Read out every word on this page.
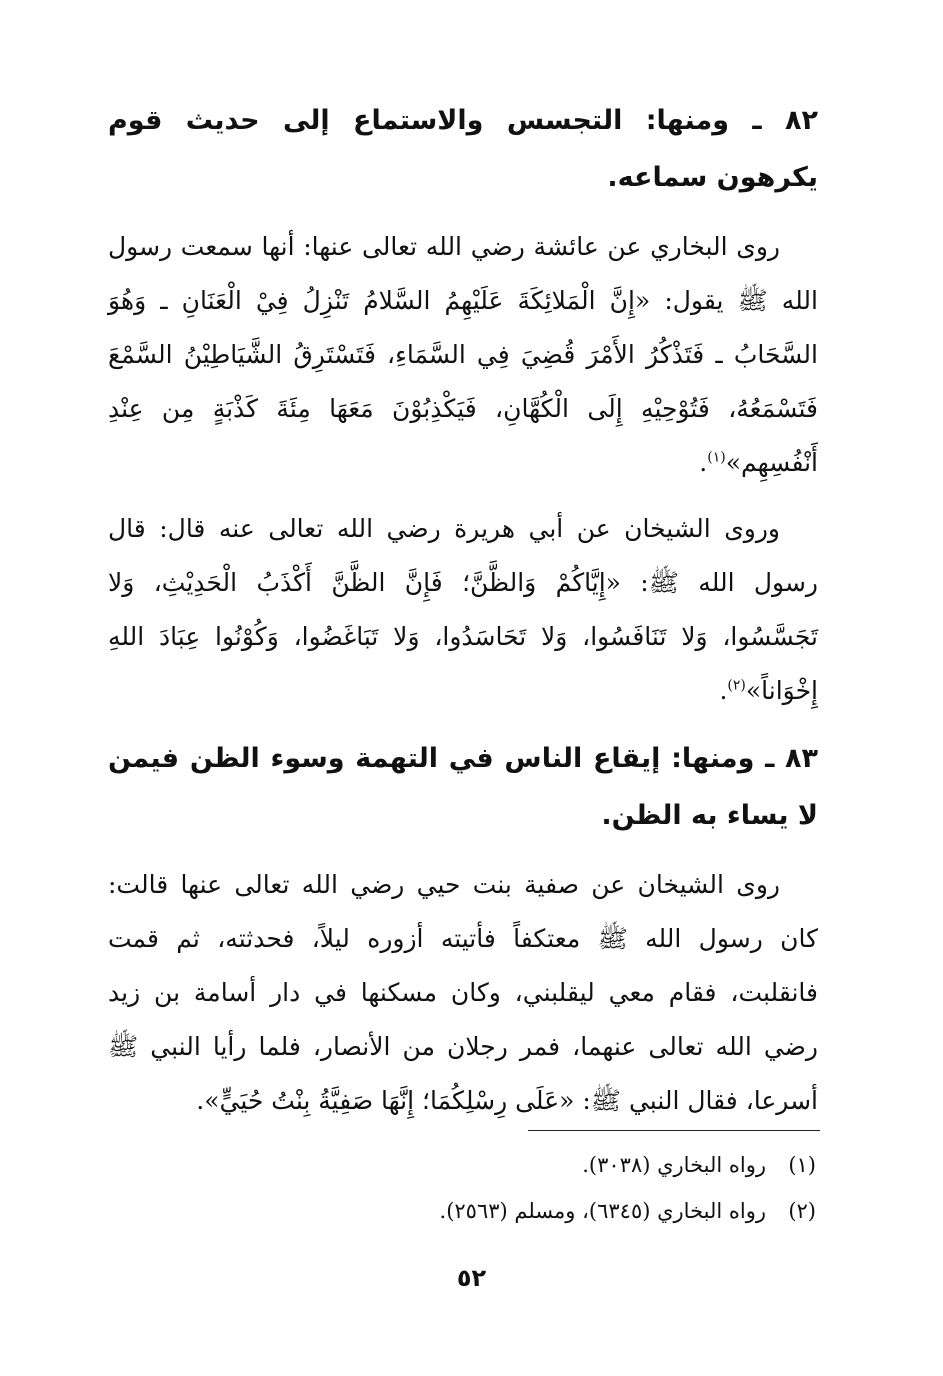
٨٢ ـ ومنها: التجسس والاستماع إلى حديث قوم يكرهون سماعه.

روى البخاري عن عائشة رضي الله تعالى عنها: أنها سمعت رسول الله ﷺ يقول: «إِنَّ الْمَلائِكَةَ عَلَيْهِمُ السَّلامُ تَنْزِلُ فِيْ الْعَنَانِ ـ وَهُوَ السَّحَابُ ـ فَتَذْكُرُ الأَمْرَ قُضِيَ فِي السَّمَاءِ، فَتَسْتَرِقُ الشَّيَاطِيْنُ السَّمْعَ فَتَسْمَعُهُ، فَتُوْحِيْهِ إِلَى الْكُهَّانِ، فَيَكْذِبُوْنَ مَعَهَا مِئَةَ كَذْبَةٍ مِن عِنْدِ أَنْفُسِهِم»$^{(١)}$.

وروى الشيخان عن أبي هريرة رضي الله تعالى عنه قال: قال رسول الله ﷺ: «إِيَّاكُمْ وَالظَّنَّ؛ فَإِنَّ الظَّنَّ أَكْذَبُ الْحَدِيْثِ، وَلا تَجَسَّسُوا، وَلا تَنَافَسُوا، وَلا تَحَاسَدُوا، وَلا تَبَاغَضُوا، وَكُوْنُوا عِبَادَ اللهِ إِخْوَاناً»$^{(٢)}$.

٨٣ ـ ومنها: إيقاع الناس في التهمة وسوء الظن فيمن لا يساء به الظن.

روى الشيخان عن صفية بنت حيي رضي الله تعالى عنها قالت: كان رسول الله ﷺ معتكفاً فأتيته أزوره ليلاً، فحدثته، ثم قمت فانقلبت، فقام معي ليقلبني، وكان مسكنها في دار أسامة بن زيد رضي الله تعالى عنهما، فمر رجلان من الأنصار، فلما رأيا النبي ﷺ أسرعا، فقال النبي ﷺ: «عَلَى رِسْلِكُمَا؛ إِنَّهَا صَفِيَّةُ بِنْتُ حُيَيٍّ».

(١)رواه البخاري (٣٠٣٨).

(٢)رواه البخاري (٦٣٤٥)، ومسلم (٢٥٦٣).

٥٢
